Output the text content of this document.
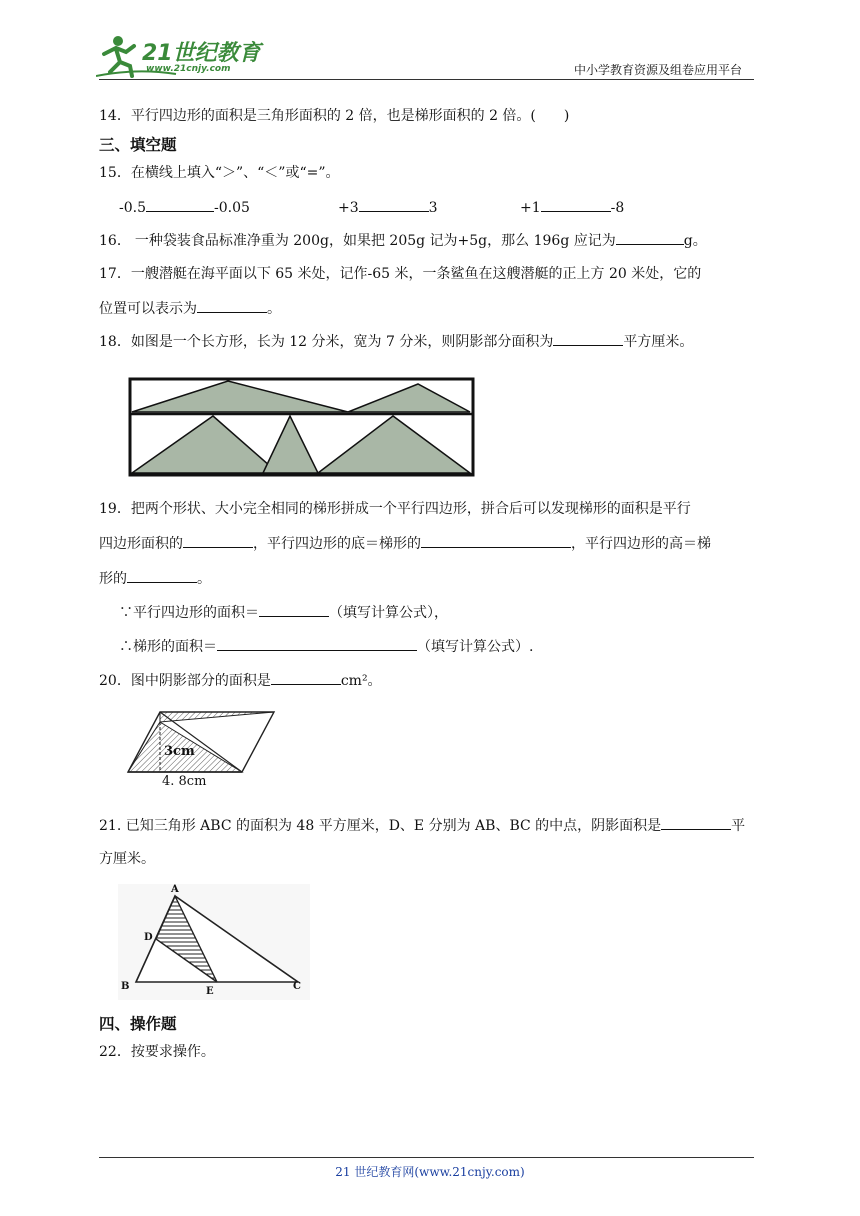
21世纪教育
www.21cnjy.com	中小学教育资源及组卷应用平台
14．平行四边形的面积是三角形面积的 2 倍，也是梯形面积的 2 倍。( )
三、填空题
15．在横线上填入“＞”、“＜”或“=”。
-0.5	-0.05	+3	3	+1	-8
16． 一种袋装食品标准净重为 200g，如果把 205g 记为+5g，那么 196g 应记为	g。
17．一艘潜艇在海平面以下 65 米处，记作-65 米，一条鲨鱼在这艘潜艇的正上方 20 米处，它的
位置可以表示为	。
18．如图是一个长方形，长为 12 分米，宽为 7 分米，则阴影部分面积为	平方厘米。
19．把两个形状、大小完全相同的梯形拼成一个平行四边形，拼合后可以发现梯形的面积是平行
四边形面积的	，平行四边形的底＝梯形的	，平行四边形的高＝梯
形的	。
∵平行四边形的面积＝	（填写计算公式），
∴梯形的面积＝	（填写计算公式）.
20．图中阴影部分的面积是	cm²。
3cm
4. 8cm
21. 已知三角形 ABC 的面积为 48 平方厘米，D、E 分别为 AB、BC 的中点，阴影面积是	平
方厘米。
A
D
B	E	C
四、操作题
22．按要求操作。
21 世纪教育网(www.21cnjy.com)
